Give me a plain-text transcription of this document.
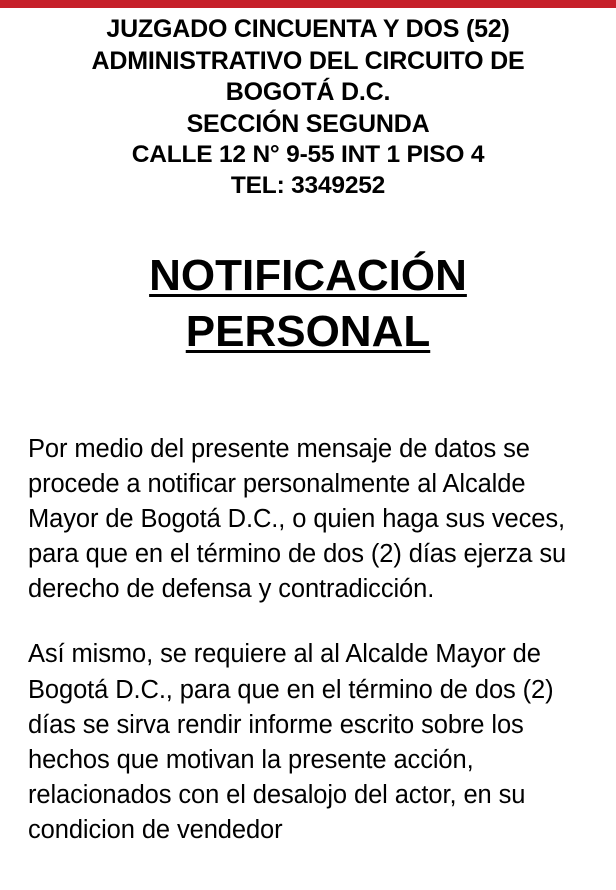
JUZGADO CINCUENTA Y DOS (52)
ADMINISTRATIVO DEL CIRCUITO DE
BOGOTÁ D.C.
SECCIÓN SEGUNDA
CALLE 12 N° 9-55 INT 1 PISO 4
TEL: 3349252
NOTIFICACIÓN
PERSONAL

Por medio del presente mensaje de datos se procede a notificar personalmente al Alcalde Mayor de Bogotá D.C., o quien haga sus veces, para que en el término de dos (2) días ejerza su derecho de defensa y contradicción.

Así mismo, se requiere al al Alcalde Mayor de Bogotá D.C., para que en el término de dos (2) días se sirva rendir informe escrito sobre los hechos que motivan la presente acción, relacionados con el desalojo del actor, en su condicion de vendedor
